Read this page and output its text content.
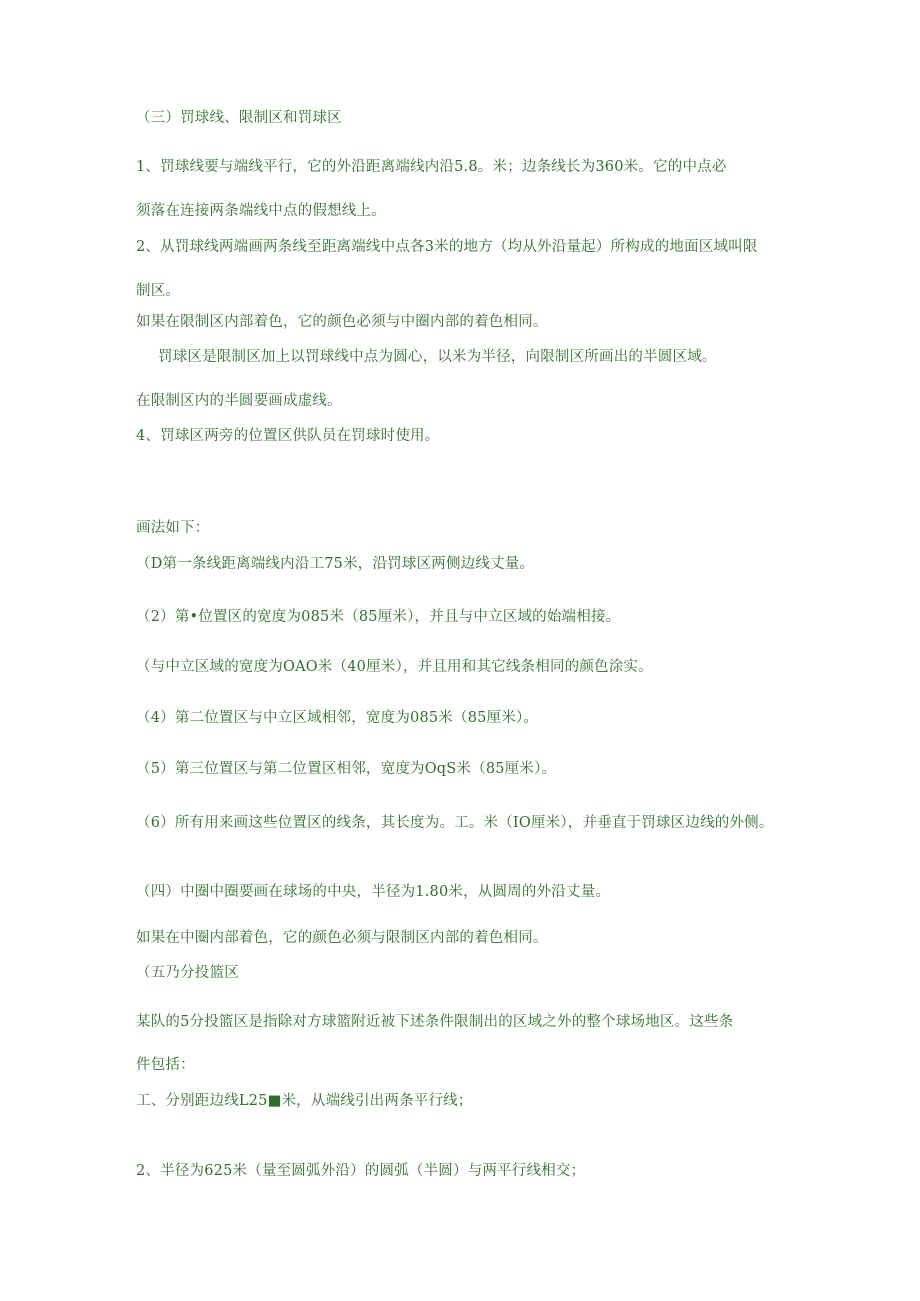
（三）罚球线、限制区和罚球区
1、罚球线要与端线平行，它的外沿距离端线内沿5.8。米；边条线长为360米。它的中点必
须落在连接两条端线中点的假想线上。
2、从罚球线两端画两条线至距离端线中点各3米的地方（均从外沿量起）所构成的地面区域叫限
制区。
如果在限制区内部着色，它的颜色必须与中圈内部的着色相同。
罚球区是限制区加上以罚球线中点为圆心，以米为半径，向限制区所画出的半圆区域。
在限制区内的半圆要画成虚线。
4、罚球区两旁的位置区供队员在罚球时使用。
画法如下：
（D第一条线距离端线内沿工75米，沿罚球区两侧边线丈量。
（2）第•位置区的宽度为085米（85厘米），并且与中立区域的始端相接。
（与中立区域的宽度为OAO米（40厘米），并且用和其它线条相同的颜色涂实。
（4）第二位置区与中立区域相邻，宽度为085米（85厘米）。
（5）第三位置区与第二位置区相邻，宽度为OqS米（85厘米）。
（6）所有用来画这些位置区的线条，其长度为。工。米（IO厘米），并垂直于罚球区边线的外侧。
（四）中圈中圈要画在球场的中央，半径为1.80米，从圆周的外沿丈量。
如果在中圈内部着色，它的颜色必须与限制区内部的着色相同。
（五乃分投篮区
某队的5分投篮区是指除对方球篮附近被下述条件限制出的区域之外的整个球场地区。这些条
件包括：
工、分别距边线L25■米，从端线引出两条平行线；
2、半径为625米（量至圆弧外沿）的圆弧（半圆）与两平行线相交；
